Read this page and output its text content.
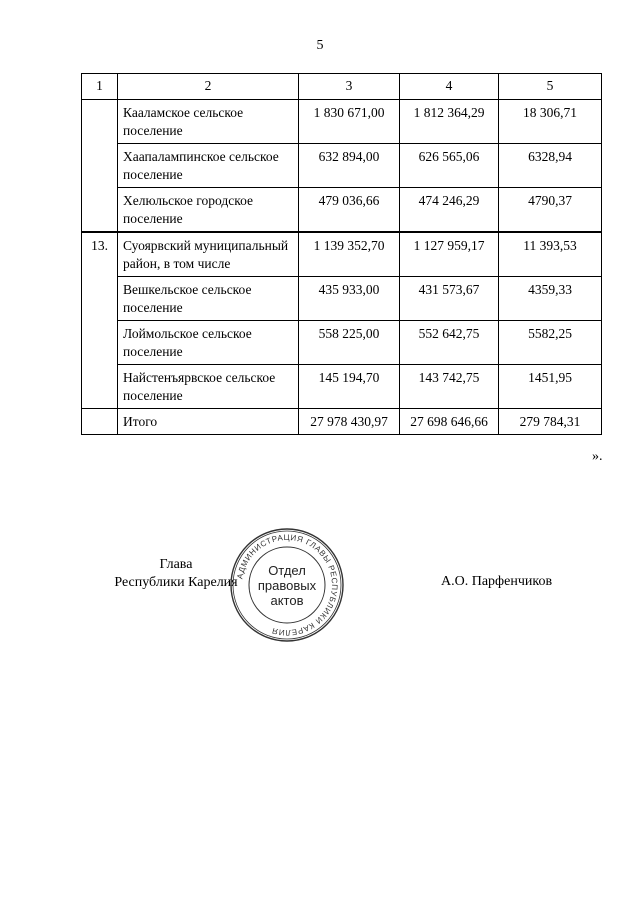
5
1	2	3	4	5
	Кааламское сельское поселение	1 830 671,00	1 812 364,29	18 306,71
	Хаапалампинское сельское поселение	632 894,00	626 565,06	6328,94
	Хелюльское городское поселение	479 036,66	474 246,29	4790,37
13.	Суоярвский муниципальный район, в том числе	1 139 352,70	1 127 959,17	11 393,53
	Вешкельское сельское поселение	435 933,00	431 573,67	4359,33
	Лоймольское сельское поселение	558 225,00	552 642,75	5582,25
	Найстенъярвское сельское поселение	145 194,70	143 742,75	1451,95
	Итого	27 978 430,97	27 698 646,66	279 784,31
».
Глава
Республики Карелия	А.О. Парфенчиков
АДМИНИСТРАЦИЯ ГЛАВЫ РЕСПУБЛИКИ КАРЕЛИЯ
Отдел
правовых
актов
